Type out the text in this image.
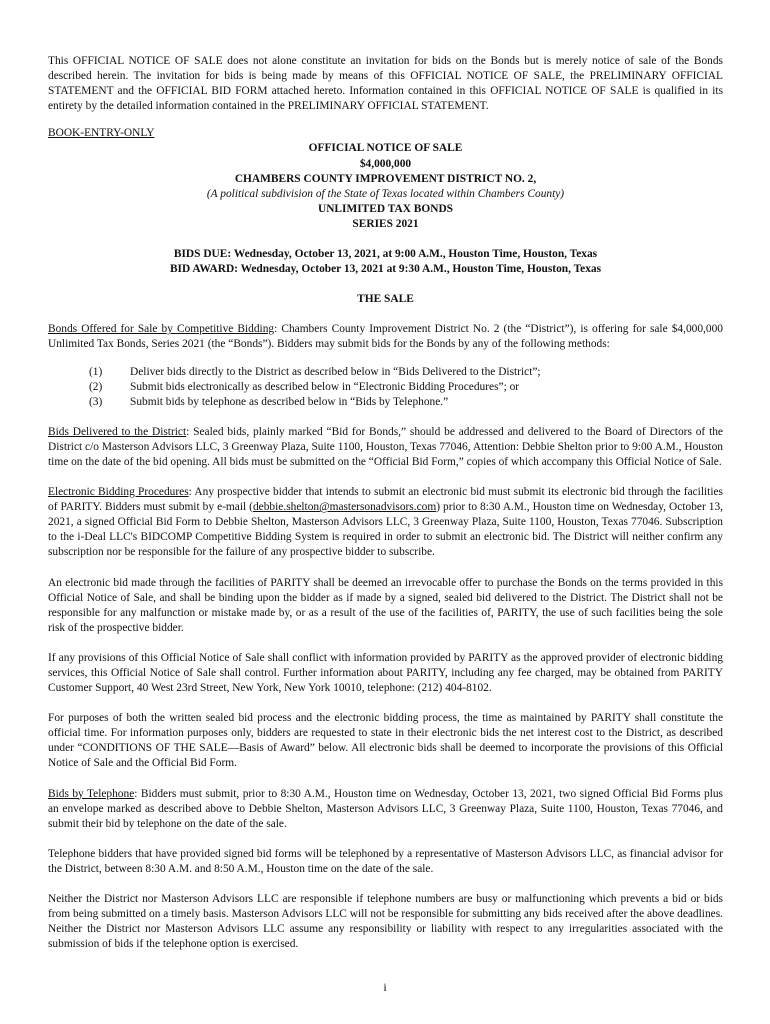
This OFFICIAL NOTICE OF SALE does not alone constitute an invitation for bids on the Bonds but is merely notice of sale of the Bonds described herein. The invitation for bids is being made by means of this OFFICIAL NOTICE OF SALE, the PRELIMINARY OFFICIAL STATEMENT and the OFFICIAL BID FORM attached hereto. Information contained in this OFFICIAL NOTICE OF SALE is qualified in its entirety by the detailed information contained in the PRELIMINARY OFFICIAL STATEMENT.

BOOK-ENTRY-ONLY

OFFICIAL NOTICE OF SALE
$4,000,000
CHAMBERS COUNTY IMPROVEMENT DISTRICT NO. 2,
(A political subdivision of the State of Texas located within Chambers County)
UNLIMITED TAX BONDS
SERIES 2021
BIDS DUE: Wednesday, October 13, 2021, at 9:00 A.M., Houston Time, Houston, Texas
BID AWARD: Wednesday, October 13, 2021 at 9:30 A.M., Houston Time, Houston, Texas
THE SALE

Bonds Offered for Sale by Competitive Bidding: Chambers County Improvement District No. 2 (the “District”), is offering for sale $4,000,000 Unlimited Tax Bonds, Series 2021 (the “Bonds”). Bidders may submit bids for the Bonds by any of the following methods:

(1)	Deliver bids directly to the District as described below in “Bids Delivered to the District”;
(2)	Submit bids electronically as described below in “Electronic Bidding Procedures”; or
(3)	Submit bids by telephone as described below in “Bids by Telephone.”

Bids Delivered to the District: Sealed bids, plainly marked “Bid for Bonds,” should be addressed and delivered to the Board of Directors of the District c/o Masterson Advisors LLC, 3 Greenway Plaza, Suite 1100, Houston, Texas 77046, Attention: Debbie Shelton prior to 9:00 A.M., Houston time on the date of the bid opening. All bids must be submitted on the “Official Bid Form,” copies of which accompany this Official Notice of Sale.

Electronic Bidding Procedures: Any prospective bidder that intends to submit an electronic bid must submit its electronic bid through the facilities of PARITY. Bidders must submit by e-mail (debbie.shelton@mastersonadvisors.com) prior to 8:30 A.M., Houston time on Wednesday, October 13, 2021, a signed Official Bid Form to Debbie Shelton, Masterson Advisors LLC, 3 Greenway Plaza, Suite 1100, Houston, Texas 77046. Subscription to the i-Deal LLC's BIDCOMP Competitive Bidding System is required in order to submit an electronic bid. The District will neither confirm any subscription nor be responsible for the failure of any prospective bidder to subscribe.

An electronic bid made through the facilities of PARITY shall be deemed an irrevocable offer to purchase the Bonds on the terms provided in this Official Notice of Sale, and shall be binding upon the bidder as if made by a signed, sealed bid delivered to the District. The District shall not be responsible for any malfunction or mistake made by, or as a result of the use of the facilities of, PARITY, the use of such facilities being the sole risk of the prospective bidder.

If any provisions of this Official Notice of Sale shall conflict with information provided by PARITY as the approved provider of electronic bidding services, this Official Notice of Sale shall control. Further information about PARITY, including any fee charged, may be obtained from PARITY Customer Support, 40 West 23rd Street, New York, New York 10010, telephone: (212) 404-8102.

For purposes of both the written sealed bid process and the electronic bidding process, the time as maintained by PARITY shall constitute the official time. For information purposes only, bidders are requested to state in their electronic bids the net interest cost to the District, as described under “CONDITIONS OF THE SALE—Basis of Award” below. All electronic bids shall be deemed to incorporate the provisions of this Official Notice of Sale and the Official Bid Form.

Bids by Telephone: Bidders must submit, prior to 8:30 A.M., Houston time on Wednesday, October 13, 2021, two signed Official Bid Forms plus an envelope marked as described above to Debbie Shelton, Masterson Advisors LLC, 3 Greenway Plaza, Suite 1100, Houston, Texas 77046, and submit their bid by telephone on the date of the sale.

Telephone bidders that have provided signed bid forms will be telephoned by a representative of Masterson Advisors LLC, as financial advisor for the District, between 8:30 A.M. and 8:50 A.M., Houston time on the date of the sale.

Neither the District nor Masterson Advisors LLC are responsible if telephone numbers are busy or malfunctioning which prevents a bid or bids from being submitted on a timely basis. Masterson Advisors LLC will not be responsible for submitting any bids received after the above deadlines. Neither the District nor Masterson Advisors LLC assume any responsibility or liability with respect to any irregularities associated with the submission of bids if the telephone option is exercised.

i
